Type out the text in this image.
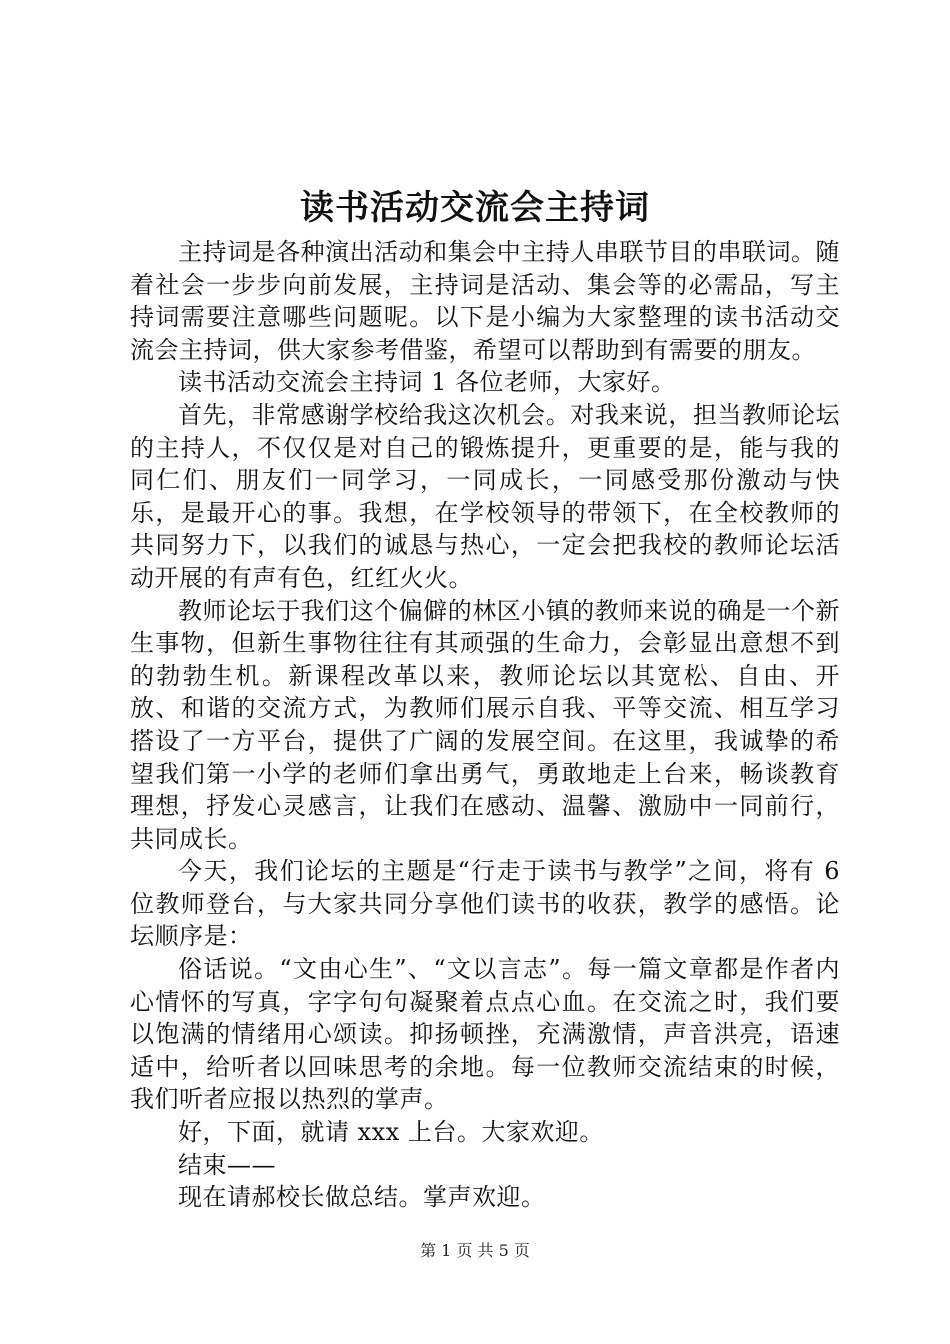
读书活动交流会主持词

主持词是各种演出活动和集会中主持人串联节目的串联词。随着社会一步步向前发展，主持词是活动、集会等的必需品，写主持词需要注意哪些问题呢。以下是小编为大家整理的读书活动交流会主持词，供大家参考借鉴，希望可以帮助到有需要的朋友。

读书活动交流会主持词 1 各位老师，大家好。

首先，非常感谢学校给我这次机会。对我来说，担当教师论坛的主持人，不仅仅是对自己的锻炼提升，更重要的是，能与我的同仁们、朋友们一同学习，一同成长，一同感受那份激动与快乐，是最开心的事。我想，在学校领导的带领下，在全校教师的共同努力下，以我们的诚恳与热心，一定会把我校的教师论坛活动开展的有声有色，红红火火。

教师论坛于我们这个偏僻的林区小镇的教师来说的确是一个新生事物，但新生事物往往有其顽强的生命力，会彰显出意想不到的勃勃生机。新课程改革以来，教师论坛以其宽松、自由、开放、和谐的交流方式，为教师们展示自我、平等交流、相互学习搭设了一方平台，提供了广阔的发展空间。在这里，我诚挚的希望我们第一小学的老师们拿出勇气，勇敢地走上台来，畅谈教育理想，抒发心灵感言，让我们在感动、温馨、激励中一同前行，共同成长。

今天，我们论坛的主题是“行走于读书与教学”之间，将有 6 位教师登台，与大家共同分享他们读书的收获，教学的感悟。论坛顺序是：

俗话说。“文由心生”、“文以言志”。每一篇文章都是作者内心情怀的写真，字字句句凝聚着点点心血。在交流之时，我们要以饱满的情绪用心颂读。抑扬顿挫，充满激情，声音洪亮，语速适中，给听者以回味思考的余地。每一位教师交流结束的时候，我们听者应报以热烈的掌声。

好，下面，就请 xxx 上台。大家欢迎。

结束——

现在请郝校长做总结。掌声欢迎。

第 1 页 共 5 页
